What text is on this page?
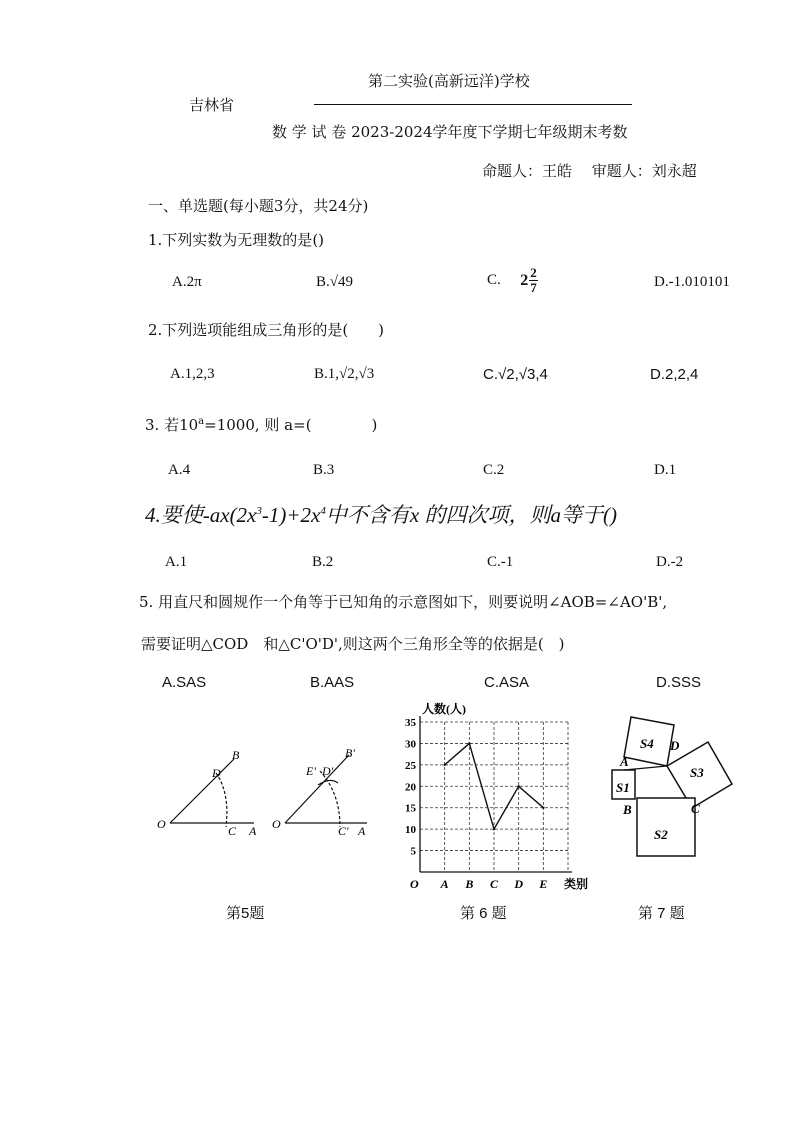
第二实验(高新远洋)学校
吉林省
数 学 试 卷 2023-2024学年度下学期七年级期末考数
命题人：王皓　 审题人：刘永超
一、单选题(每小题3分，共24分)
1.下列实数为无理数的是()
A.2π	B.√49	C. $2 \frac{2}{7}$	D.-1.010101
2.下列选项能组成三角形的是(　　)
A.1,2,3	B.1,√2,√3	C.√2,√3,4	D.2,2,4
3. 若$10^a=1000$, 则 a=(　　　　)
A.4	B.3	C.2	D.1
4.要使$-ax(2x^3-1)+2x^4$中不含有x 的四次项，则a等于()
A.1	B.2	C.-1	D.-2
5. 用直尺和圆规作一个角等于已知角的示意图如下，则要说明∠AOB=∠AO'B',
需要证明△COD　和△C'O'D',则这两个三角形全等的依据是(　)
A.SAS	B.AAS	C.ASA	D.SSS
O	A
C
B
D
O	A
C'
B'
D'
E'
5
10
15
20
25
30
35
A B C D E
人数(人)
类别
O
S4
S3
S1
S2
A
B	C
D
第5题	第 6 题	第 7 题
